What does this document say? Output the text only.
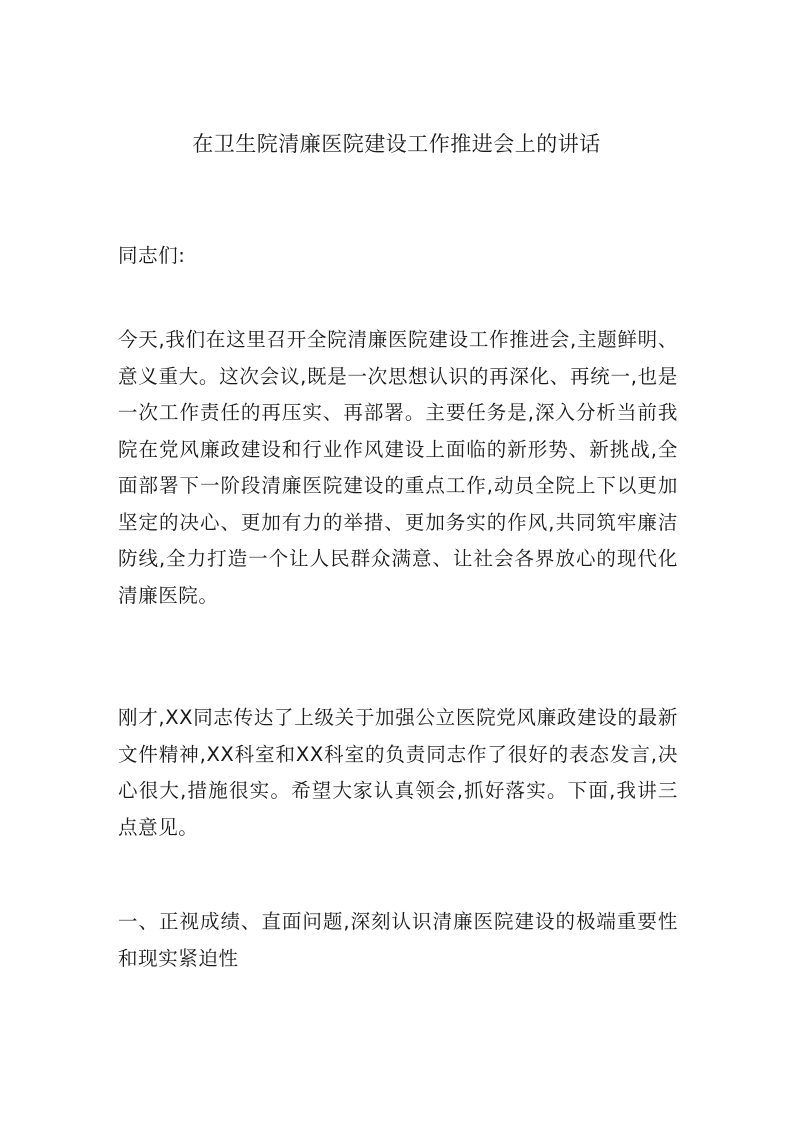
在卫生院清廉医院建设工作推进会上的讲话
同志们:
今天,我们在这里召开全院清廉医院建设工作推进会,主题鲜明、意义重大。这次会议,既是一次思想认识的再深化、再统一,也是一次工作责任的再压实、再部署。主要任务是,深入分析当前我院在党风廉政建设和行业作风建设上面临的新形势、新挑战,全面部署下一阶段清廉医院建设的重点工作,动员全院上下以更加坚定的决心、更加有力的举措、更加务实的作风,共同筑牢廉洁防线,全力打造一个让人民群众满意、让社会各界放心的现代化清廉医院。
刚才,XX同志传达了上级关于加强公立医院党风廉政建设的最新文件精神,XX科室和XX科室的负责同志作了很好的表态发言,决心很大,措施很实。希望大家认真领会,抓好落实。下面,我讲三点意见。
一、正视成绩、直面问题,深刻认识清廉医院建设的极端重要性和现实紧迫性
